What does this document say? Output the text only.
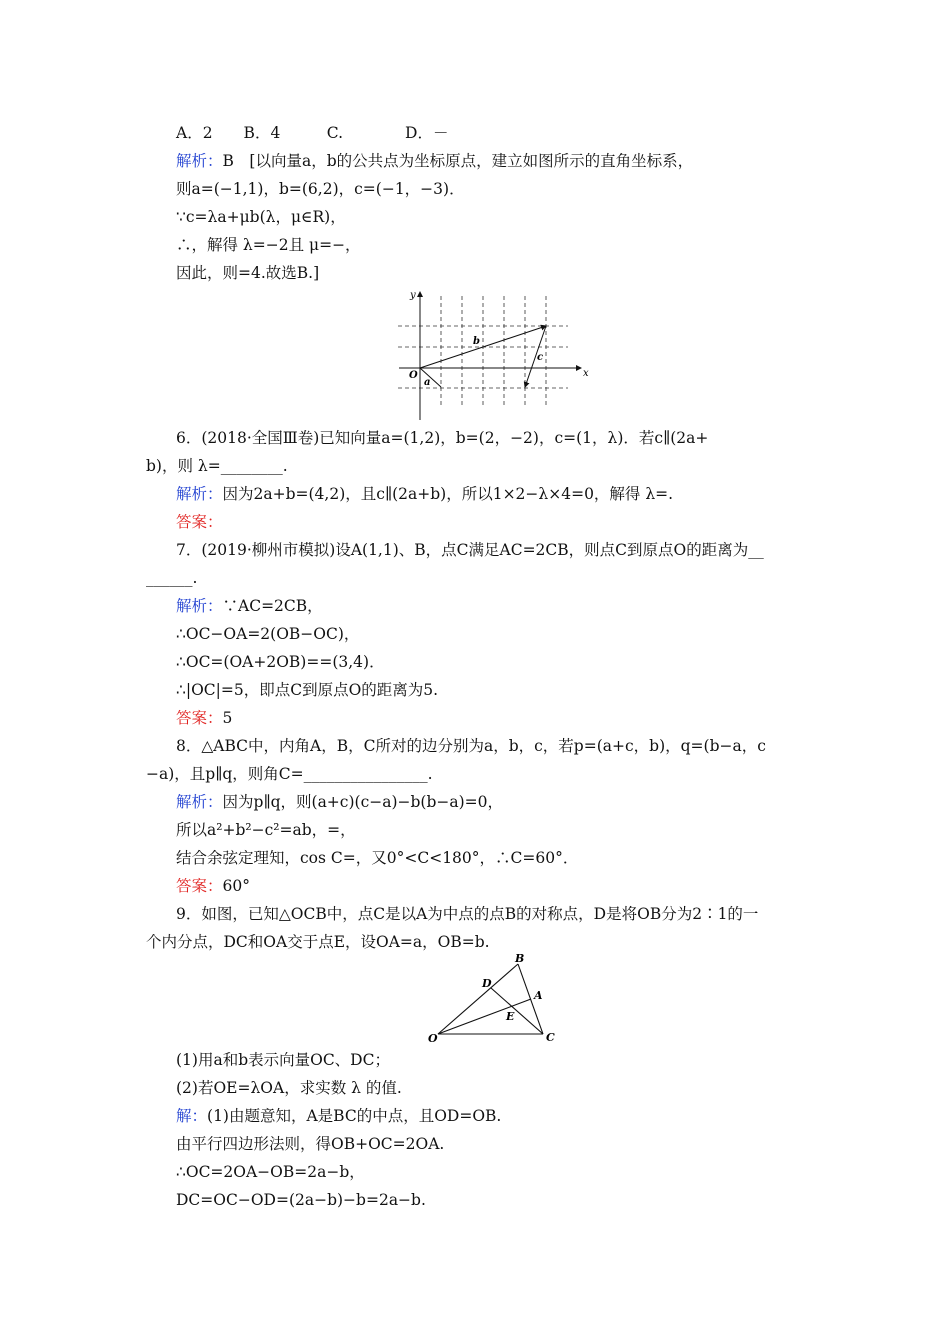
A．2　　B．4　　　C.　　　　D．－
解析：B　[以向量a，b的公共点为坐标原点，建立如图所示的直角坐标系，
则a=(−1,1)，b=(6,2)，c=(−1，−3)．
∵c=λa+μb(λ，μ∈R)，
∴，解得 λ=−2且 μ=−，
因此，则=4.故选B.]
x
y
O
a
b
c
6．(2018·全国Ⅲ卷)已知向量a=(1,2)，b=(2，−2)，c=(1，λ)．若c∥(2a+
b)，则 λ=________.
解析：因为2a+b=(4,2)，且c∥(2a+b)，所以1×2−λ×4=0，解得 λ=.
答案：
7．(2019·柳州市模拟)设A(1,1)、B，点C满足AC=2CB，则点C到原点O的距离为__
______.
解析：∵AC=2CB，
∴OC−OA=2(OB−OC)，
∴OC=(OA+2OB)==(3,4)．
∴|OC|=5，即点C到原点O的距离为5.
答案：5
8．△ABC中，内角A，B，C所对的边分别为a，b，c，若p=(a+c，b)，q=(b−a，c
−a)，且p∥q，则角C=________________.
解析：因为p∥q，则(a+c)(c−a)−b(b−a)=0，
所以a²+b²−c²=ab，=，
结合余弦定理知，cos C=，又0°<C<180°，∴C=60°．
答案：60°
9．如图，已知△OCB中，点C是以A为中点的点B的对称点，D是将OB分为2∶1的一
个内分点，DC和OA交于点E，设OA=a，OB=b.
O
B
C
D
A
E
(1)用a和b表示向量OC、DC；
(2)若OE=λOA，求实数 λ 的值.
解：(1)由题意知，A是BC的中点，且OD=OB.
由平行四边形法则，得OB+OC=2OA.
∴OC=2OA−OB=2a−b，
DC=OC−OD=(2a−b)−b=2a−b.
